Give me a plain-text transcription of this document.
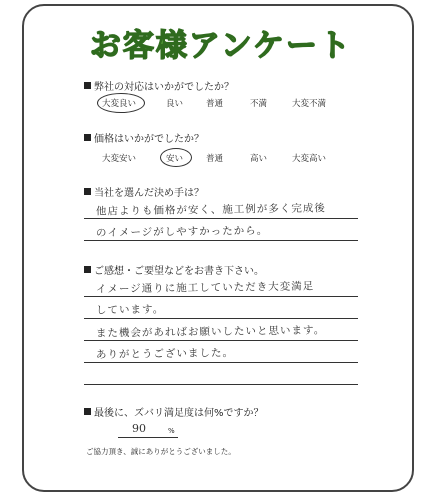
お客様アンケート
弊社の対応はいかがでしたか？
大変良い	良い	普通	不満	大変不満
価格はいかがでしたか？
大変安い	安い	普通	高い	大変高い
当社を選んだ決め手は？
他店よりも価格が安く、施工例が多く完成後
のイメージがしやすかったから。
ご感想・ご要望などをお書き下さい。
イメージ通りに施工していただき大変満足
しています。
また機会があればお願いしたいと思います。
ありがとうございました。
最後に、ズバリ満足度は何%ですか？
90	%
ご協力頂き、誠にありがとうございました。
